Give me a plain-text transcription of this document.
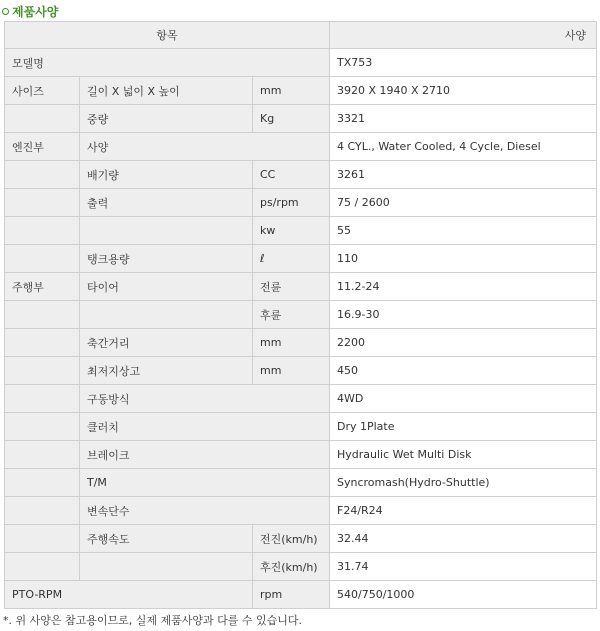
제품사양
항목			사양
모델명			TX753
사이즈	길이 X 넓이 X 높이	mm	3920 X 1940 X 2710
	중량	Kg	3321
엔진부	사양		4 CYL., Water Cooled, 4 Cycle, Diesel
	배기량	CC	3261
	출력	ps/rpm	75 / 2600
		kw	55
	탱크용량	ℓ	110
주행부	타이어	전륜	11.2-24
		후륜	16.9-30
	축간거리	mm	2200
	최저지상고	mm	450
	구동방식		4WD
	클러치		Dry 1Plate
	브레이크		Hydraulic Wet Multi Disk
	T/M		Syncromash(Hydro-Shuttle)
	변속단수		F24/R24
	주행속도	전진(km/h)	32.44
		후진(km/h)	31.74
PTO-RPM		rpm	540/750/1000
*. 위 사양은 참고용이므로, 실제 제품사양과 다를 수 있습니다.
